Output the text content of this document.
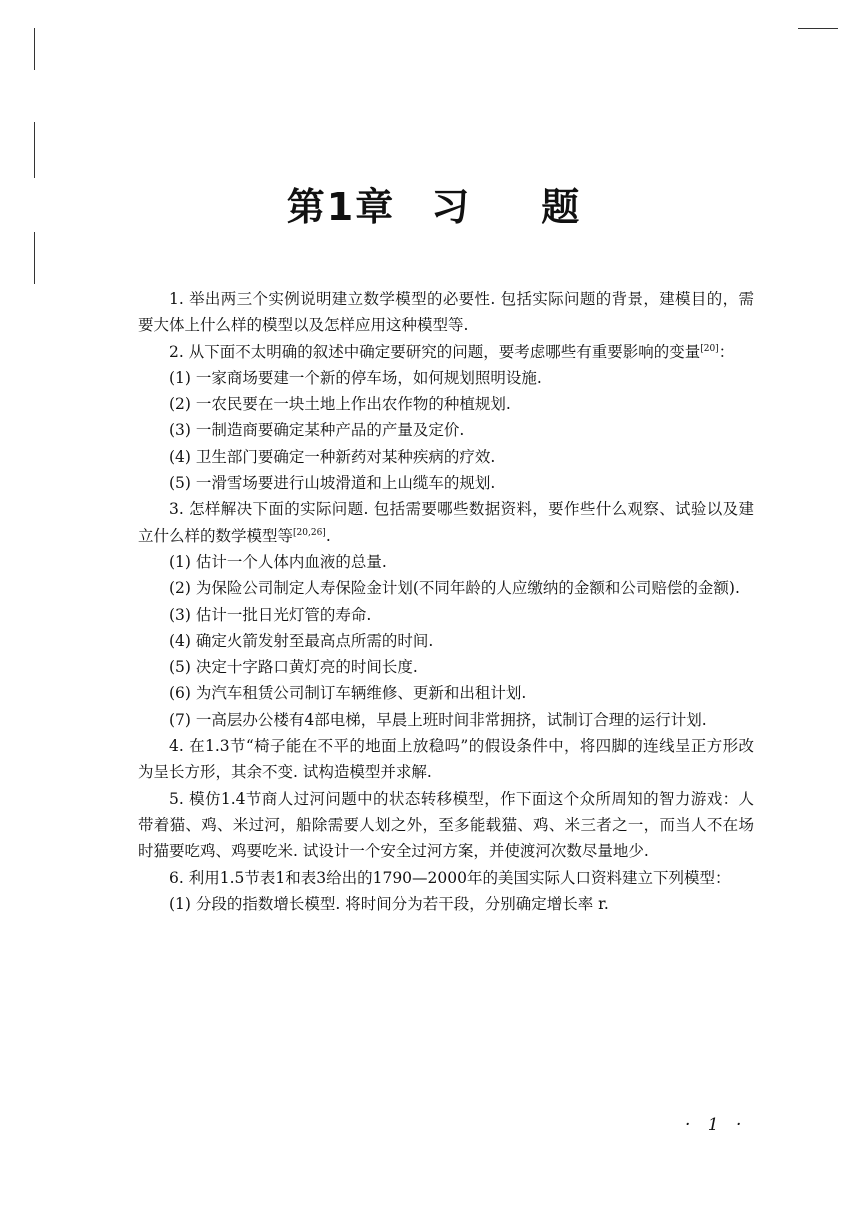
第1章 习 题

1. 举出两三个实例说明建立数学模型的必要性. 包括实际问题的背景，建模目的，需要大体上什么样的模型以及怎样应用这种模型等.

2. 从下面不太明确的叙述中确定要研究的问题，要考虑哪些有重要影响的变量[20]：

(1) 一家商场要建一个新的停车场，如何规划照明设施.

(2) 一农民要在一块土地上作出农作物的种植规划.

(3) 一制造商要确定某种产品的产量及定价.

(4) 卫生部门要确定一种新药对某种疾病的疗效.

(5) 一滑雪场要进行山坡滑道和上山缆车的规划.

3. 怎样解决下面的实际问题. 包括需要哪些数据资料，要作些什么观察、试验以及建立什么样的数学模型等[20,26].

(1) 估计一个人体内血液的总量.

(2) 为保险公司制定人寿保险金计划(不同年龄的人应缴纳的金额和公司赔偿的金额).

(3) 估计一批日光灯管的寿命.

(4) 确定火箭发射至最高点所需的时间.

(5) 决定十字路口黄灯亮的时间长度.

(6) 为汽车租赁公司制订车辆维修、更新和出租计划.

(7) 一高层办公楼有4部电梯，早晨上班时间非常拥挤，试制订合理的运行计划.

4. 在1.3节“椅子能在不平的地面上放稳吗”的假设条件中，将四脚的连线呈正方形改为呈长方形，其余不变. 试构造模型并求解.

5. 模仿1.4节商人过河问题中的状态转移模型，作下面这个众所周知的智力游戏：人带着猫、鸡、米过河，船除需要人划之外，至多能载猫、鸡、米三者之一，而当人不在场时猫要吃鸡、鸡要吃米. 试设计一个安全过河方案，并使渡河次数尽量地少.

6. 利用1.5节表1和表3给出的1790—2000年的美国实际人口资料建立下列模型：

(1) 分段的指数增长模型. 将时间分为若干段，分别确定增长率 r.

· 1 ·
